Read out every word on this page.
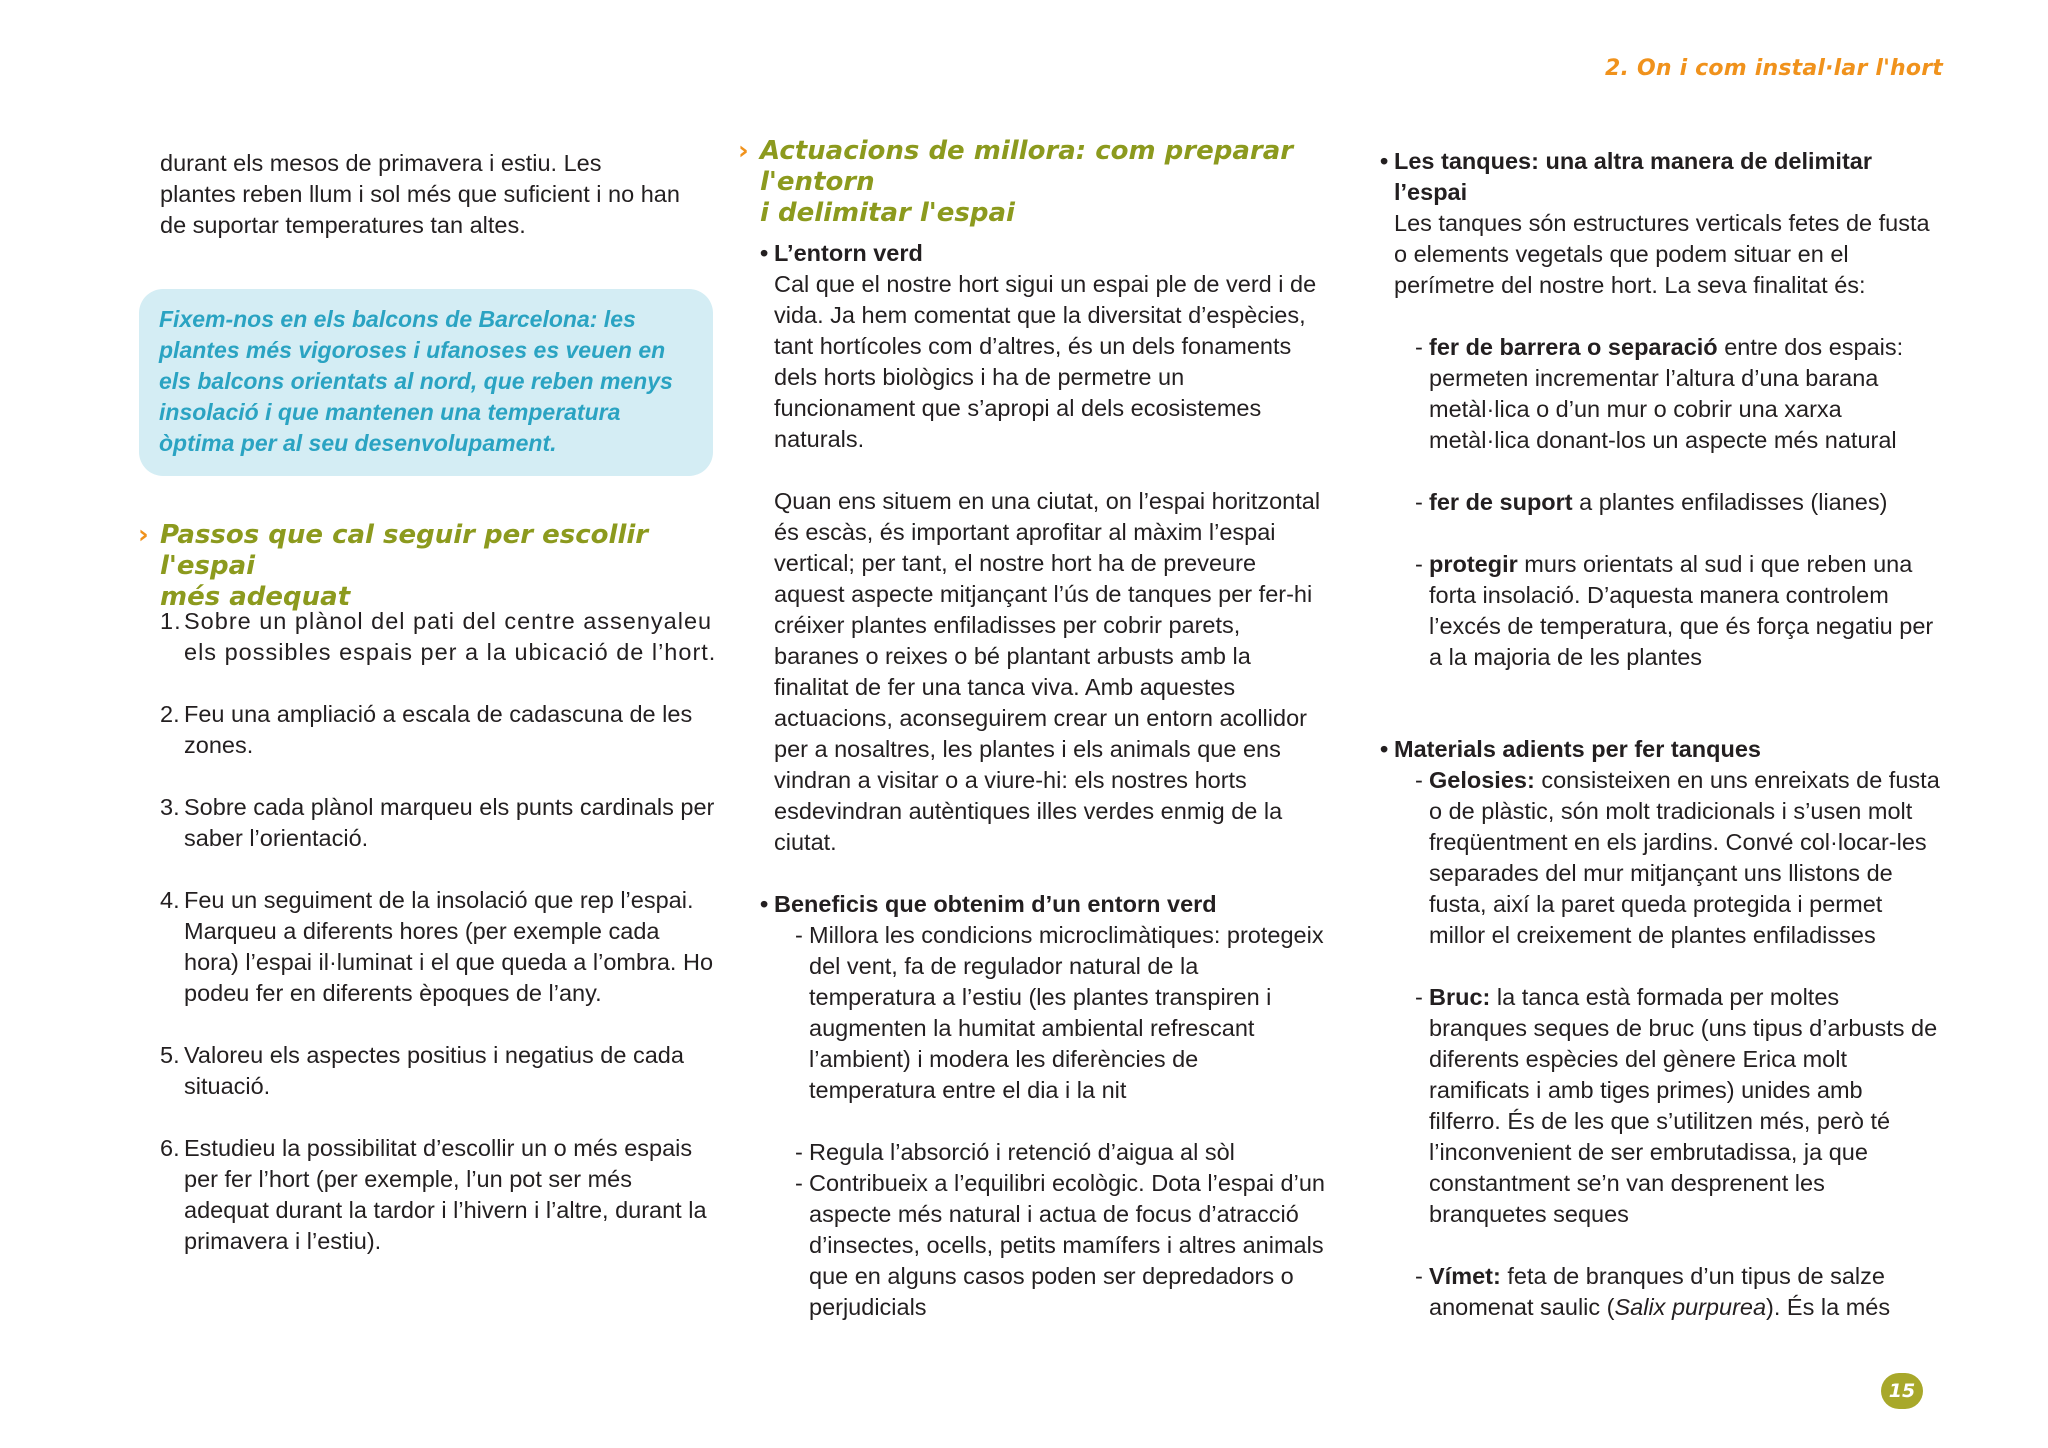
2. On i com instal·lar l'hort

durant els mesos de primavera i estiu. Les plantes reben llum i sol més que suficient i no han de suportar temperatures tan altes.

Fixem-nos en els balcons de Barcelona: les plantes més vigoroses i ufanoses es veuen en els balcons orientats al nord, que reben menys insolació i que mantenen una temperatura òptima per al seu desenvolupament.
› Passos que cal seguir per escollir l'espai
més adequat
1. Sobre un plànol del pati del centre assenyaleu els possibles espais per a la ubicació de l’hort.
2. Feu una ampliació a escala de cadascuna de les zones.
3. Sobre cada plànol marqueu els punts cardinals per saber l’orientació.
4. Feu un seguiment de la insolació que rep l’espai. Marqueu a diferents hores (per exemple cada hora) l’espai il·luminat i el que queda a l’ombra. Ho podeu fer en diferents èpoques de l’any.
5. Valoreu els aspectes positius i negatius de cada situació.
6. Estudieu la possibilitat d’escollir un o més espais per fer l’hort (per exemple, l’un pot ser més adequat durant la tardor i l’hivern i l’altre, durant la primavera i l’estiu).
› Actuacions de millora: com preparar l'entorn
i delimitar l'espai
• L’entorn verd

Cal que el nostre hort sigui un espai ple de verd i de vida. Ja hem comentat que la diversitat d’espècies, tant hortícoles com d’altres, és un dels fonaments dels horts biològics i ha de permetre un funcionament que s’apropi al dels ecosistemes naturals.

Quan ens situem en una ciutat, on l’espai horitzontal és escàs, és important aprofitar al màxim l’espai vertical; per tant, el nostre hort ha de preveure aquest aspecte mitjançant l’ús de tanques per fer-hi créixer plantes enfiladisses per cobrir parets, baranes o reixes o bé plantant arbusts amb la finalitat de fer una tanca viva. Amb aquestes actuacions, aconseguirem crear un entorn acollidor per a nosaltres, les plantes i els animals que ens vindran a visitar o a viure-hi: els nostres horts esdevindran autèntiques illes verdes enmig de la ciutat.

• Beneficis que obtenim d’un entorn verd
- Millora les condicions microclimàtiques: protegeix del vent, fa de regulador natural de la temperatura a l’estiu (les plantes transpiren i augmenten la humitat ambiental refrescant l’ambient) i modera les diferències de temperatura entre el dia i la nit
- Regula l’absorció i retenció d’aigua al sòl
- Contribueix a l’equilibri ecològic. Dota l’espai d’un aspecte més natural i actua de focus d’atracció d’insectes, ocells, petits mamífers i altres animals que en alguns casos poden ser depredadors o perjudicials
• Les tanques: una altra manera de delimitar l’espai

Les tanques són estructures verticals fetes de fusta o elements vegetals que podem situar en el perímetre del nostre hort. La seva finalitat és:

- fer de barrera o separació entre dos espais: permeten incrementar l’altura d’una barana metàl·lica o d’un mur o cobrir una xarxa metàl·lica donant-los un aspecte més natural
- fer de suport a plantes enfiladisses (lianes)
- protegir murs orientats al sud i que reben una forta insolació. D’aquesta manera controlem l’excés de temperatura, que és força negatiu per a la majoria de les plantes
• Materials adients per fer tanques
- Gelosies: consisteixen en uns enreixats de fusta o de plàstic, són molt tradicionals i s’usen molt freqüentment en els jardins. Convé col·locar-les separades del mur mitjançant uns llistons de fusta, així la paret queda protegida i permet millor el creixement de plantes enfiladisses
- Bruc: la tanca està formada per moltes branques seques de bruc (uns tipus d’arbusts de diferents espècies del gènere Erica molt ramificats i amb tiges primes) unides amb filferro. És de les que s’utilitzen més, però té l’inconvenient de ser embrutadissa, ja que constantment se’n van desprenent les branquetes seques
- Vímet: feta de branques d’un tipus de salze anomenat saulic (Salix purpurea). És la més
15
